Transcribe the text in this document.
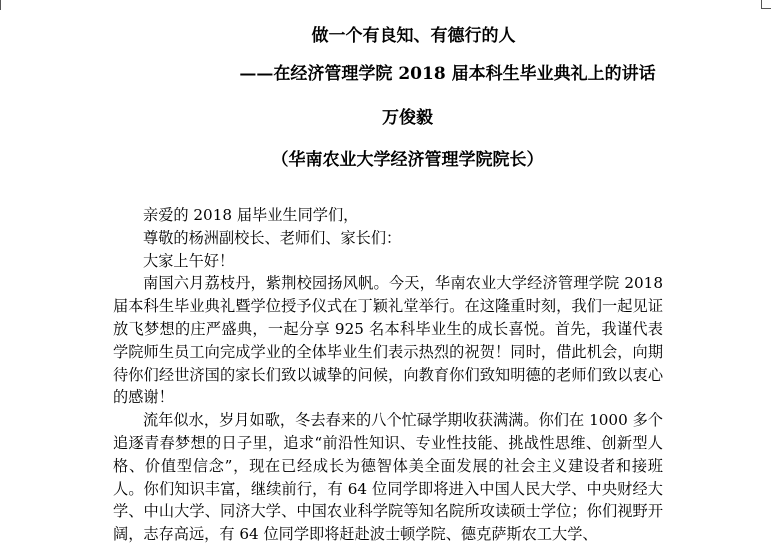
做一个有良知、有德行的人
——在经济管理学院 2018 届本科生毕业典礼上的讲话
万俊毅
（华南农业大学经济管理学院院长）

亲爱的 2018 届毕业生同学们，

尊敬的杨洲副校长、老师们、家长们：

大家上午好！

南国六月荔枝丹，紫荆校园扬风帆。今天，华南农业大学经济管理学院 2018 届本科生毕业典礼暨学位授予仪式在丁颖礼堂举行。在这隆重时刻，我们一起见证放飞梦想的庄严盛典，一起分享 925 名本科毕业生的成长喜悦。首先，我谨代表学院师生员工向完成学业的全体毕业生们表示热烈的祝贺！同时，借此机会，向期待你们经世济国的家长们致以诚挚的问候，向教育你们致知明德的老师们致以衷心的感谢！

流年似水，岁月如歌，冬去春来的八个忙碌学期收获满满。你们在 1000 多个追逐青春梦想的日子里，追求“前沿性知识、专业性技能、挑战性思维、创新型人格、价值型信念”，现在已经成长为德智体美全面发展的社会主义建设者和接班人。你们知识丰富，继续前行，有 64 位同学即将进入中国人民大学、中央财经大学、中山大学、同济大学、中国农业科学院等知名院所攻读硕士学位；你们视野开阔，志存高远，有 64 位同学即将赶赴波士顿学院、德克萨斯农工大学、
